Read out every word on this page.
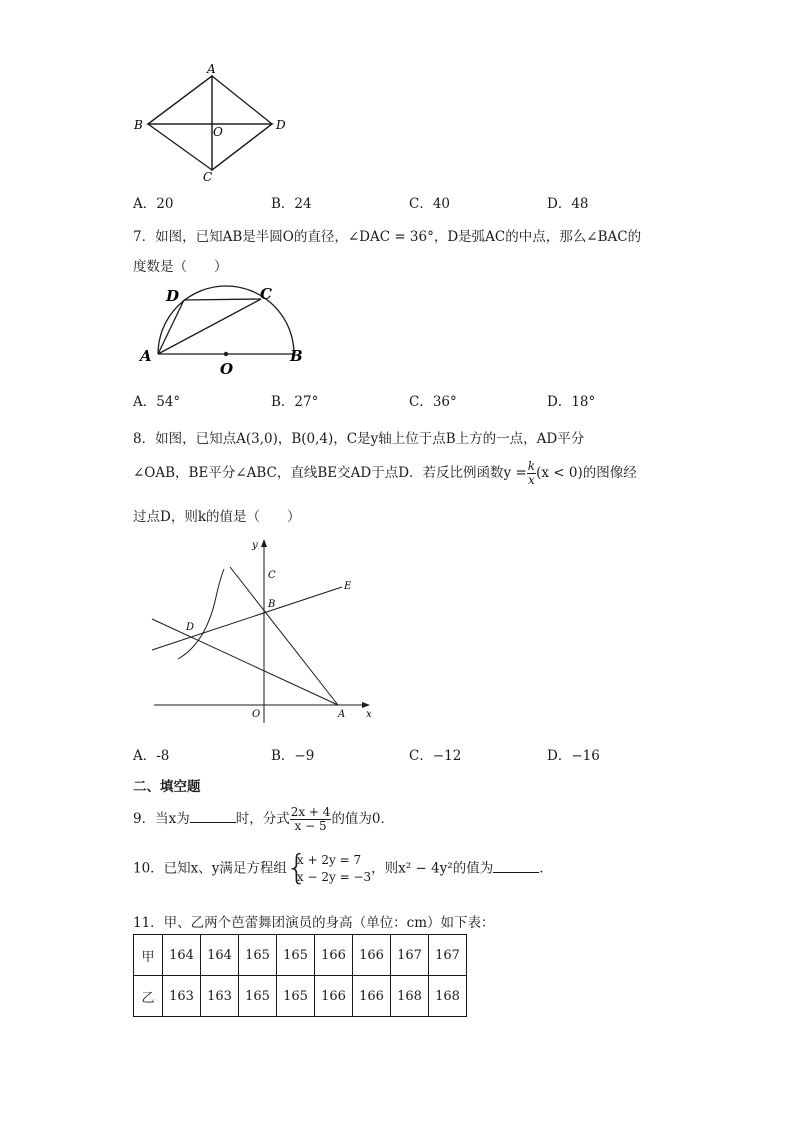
A
B	D
C
O
A．20	B．24	C．40	D．48
7．如图，已知AB是半圆O的直径，∠DAC = 36°，D是弧AC的中点，那么∠BAC的
度数是（　　）
D	C
A	B
O
A．54°	B．27°	C．36°	D．18°
8．如图，已知点A(3,0)，B(0,4)，C是y轴上位于点B上方的一点，AD平分
∠OAB，BE平分∠ABC，直线BE交AD于点D．若反比例函数$y = \frac{k}{x} (x < 0)$的图像经
过点D，则k的值是（　　）
y
x
C
B
E
D
O	A
A．-8	B．−9	C．−12	D．−16
二、填空题
9．当x为	时，分式 $\frac{2x + 4}{x - 5}$ 的值为0．
10．已知x、y满足方程组
{ x + 2y = 7
x − 2y = −3
，则x² − 4y²的值为	．
11．甲、乙两个芭蕾舞团演员的身高（单位：cm）如下表：
甲	164	164	165	165	166	166	167	167
乙	163	163	165	165	166	166	168	168
